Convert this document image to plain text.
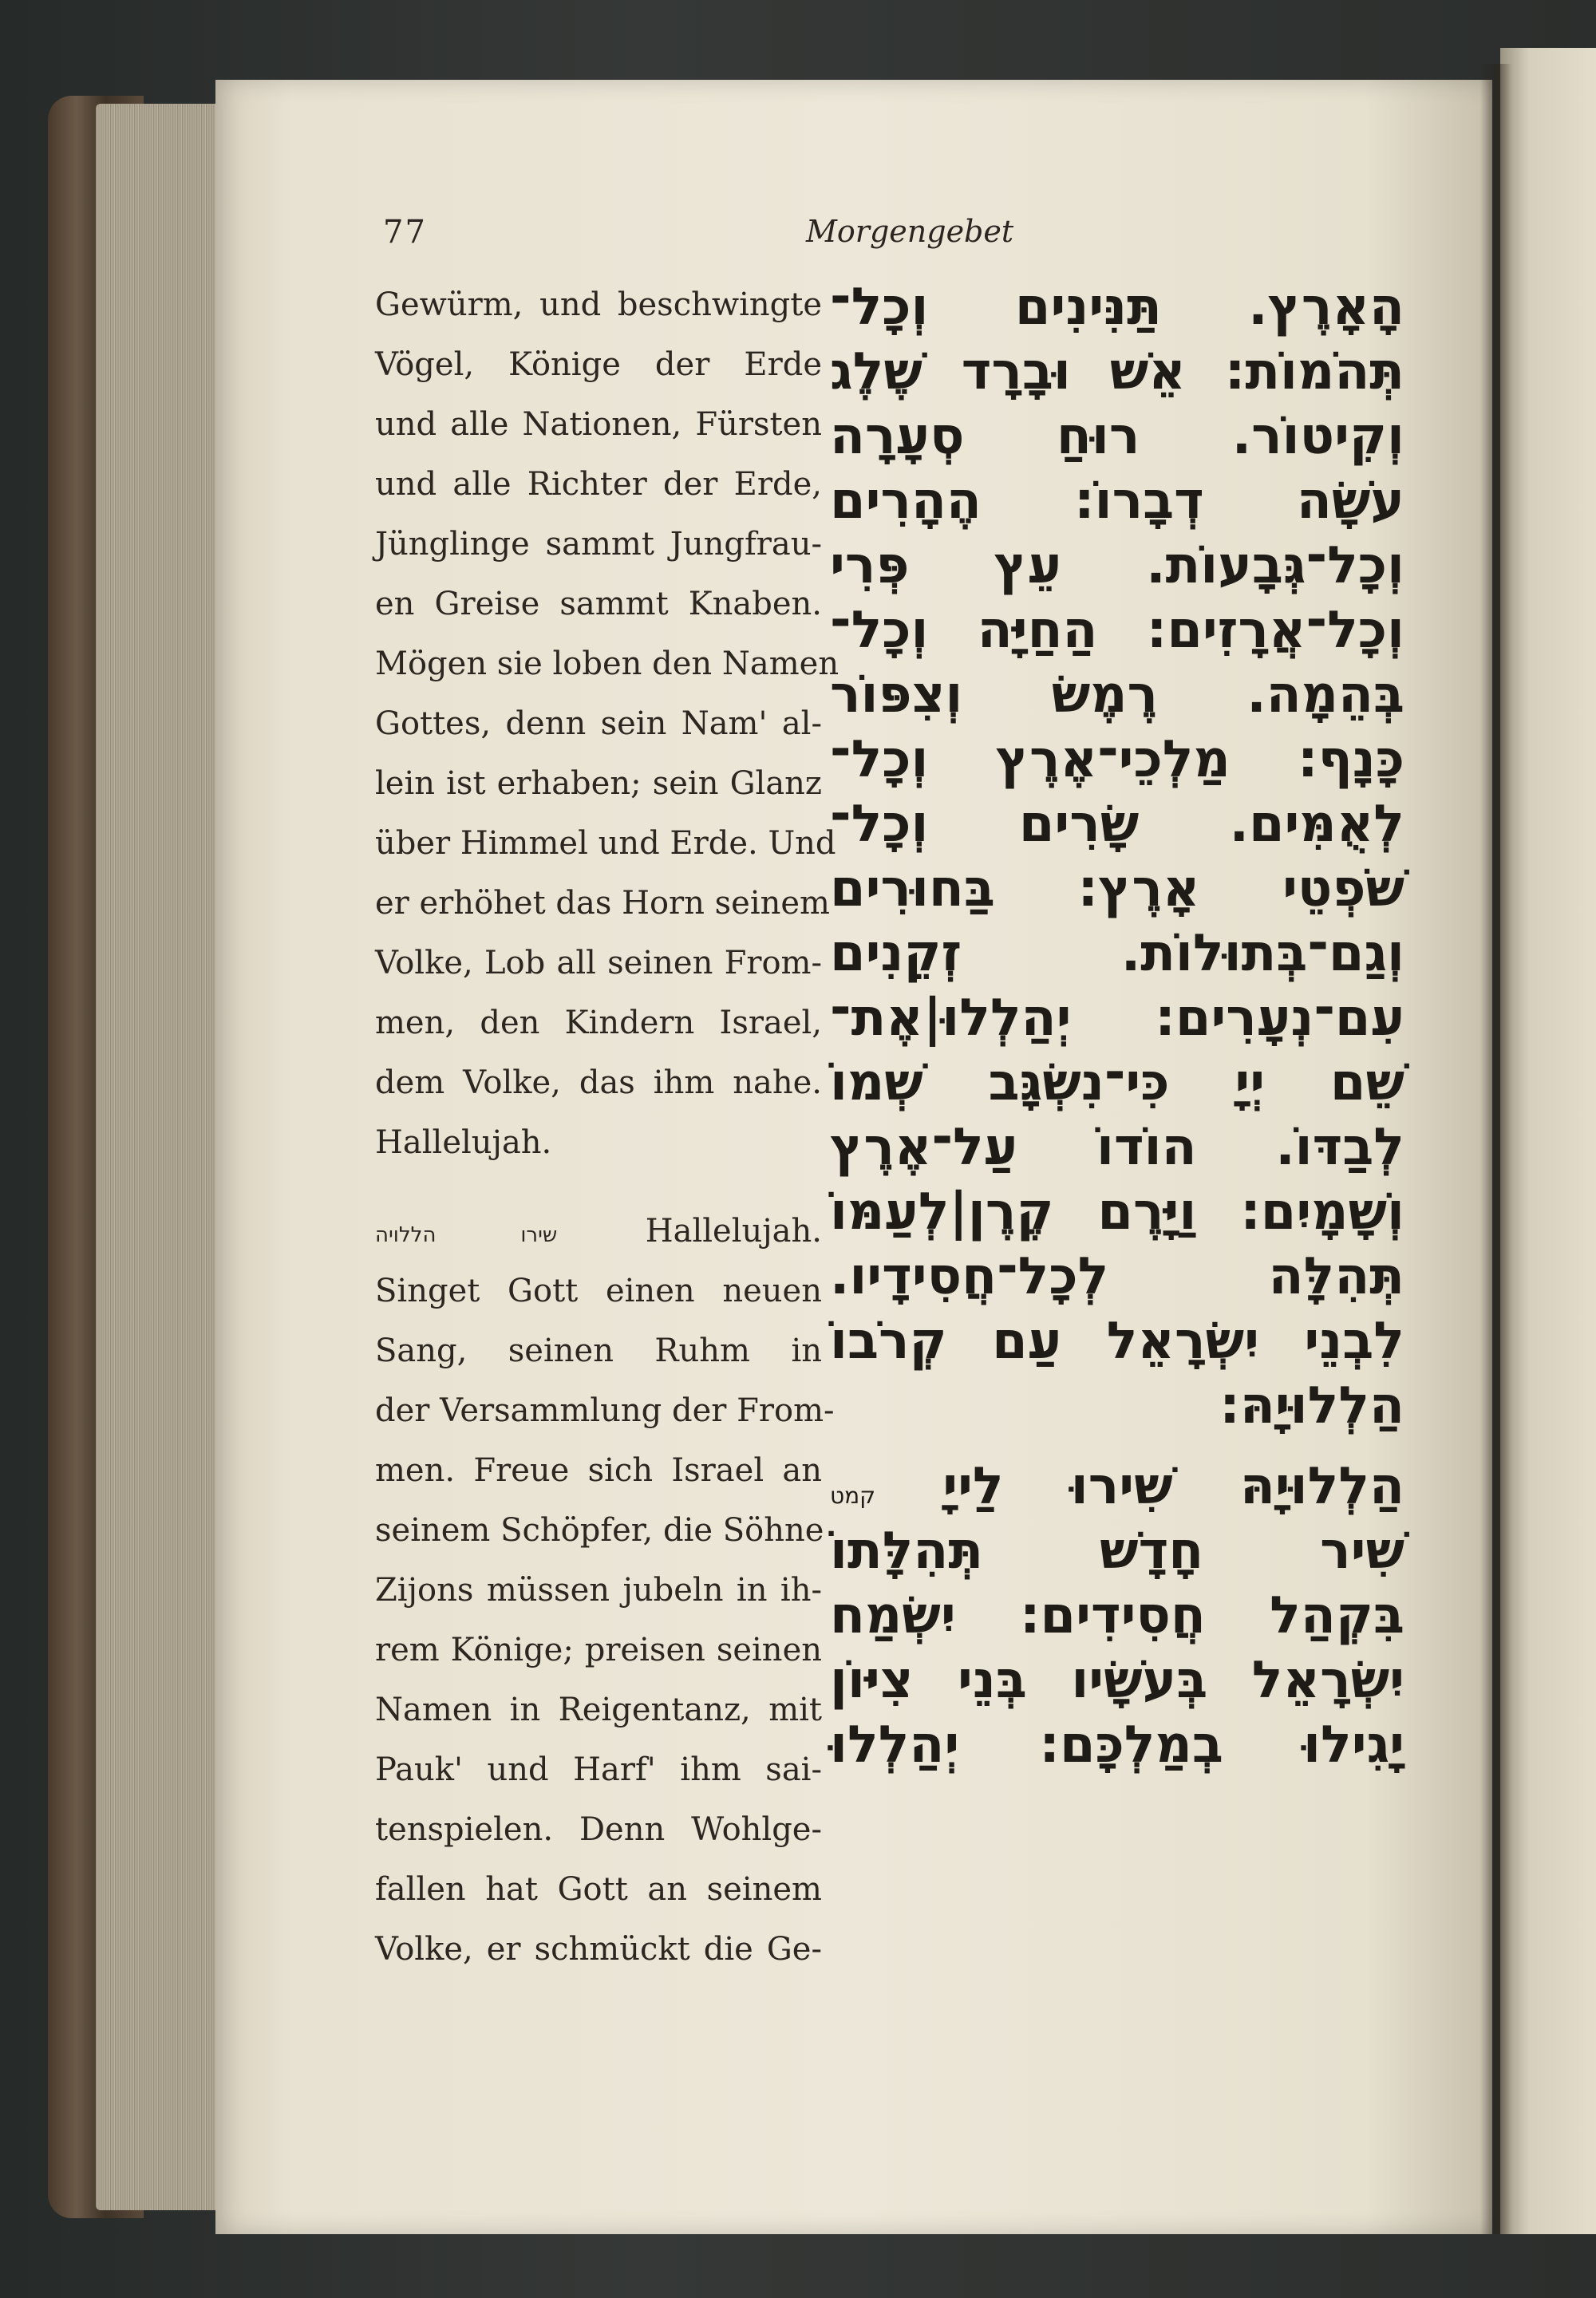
77	Morgengebet
Gewürm, und beschwingte
Vögel, Könige der Erde
und alle Nationen, Fürsten
und alle Richter der Erde,
Jünglinge sammt Jungfrau-
en Greise sammt Knaben.
Mögen sie loben den Namen
Gottes, denn sein Nam' al-
lein ist erhaben; sein Glanz
über Himmel und Erde. Und
er erhöhet das Horn seinem
Volke, Lob all seinen From-
men, den Kindern Israel,
dem Volke, das ihm nahe.
Hallelujah.
שירו הללויה	Hallelujah.
Singet Gott einen neuen
Sang, seinen Ruhm in
der Versammlung der From-
men. Freue sich Israel an
seinem Schöpfer, die Söhne
Zijons müssen jubeln in ih-
rem Könige; preisen seinen
Namen in Reigentanz, mit
Pauk' und Harf' ihm sai-
tenspielen. Denn Wohlge-
fallen hat Gott an seinem
Volke, er schmückt die Ge-
הָאָרֶץ. תַּנִּינִים וְכָל־
תְּהֹמוֹת: אֵשׁ וּבָרָד שֶׁלֶג
וְקִיטוֹר. רוּחַ סְעָרָה
עֹשָׂה דְבָרוֹ: הֶהָרִים
וְכָל־גְּבָעוֹת. עֵץ פְּרִי
וְכָל־אֲרָזִים: הַחַיָּה וְכָל־
בְּהֵמָה. רֶמֶשׂ וְצִפּוֹר
כָּנָף: מַלְכֵי־אֶרֶץ וְכָל־
לְאֻמִּים. שָׂרִים וְכָל־
שֹׁפְטֵי אָרֶץ: בַּחוּרִים
וְגַם־בְּתוּלוֹת. זְקֵנִים
עִם־נְעָרִים: יְהַלְלוּ|אֶת־
שֵׁם יְיָ כִּי־נִשְׂגָּב שְׁמוֹ
לְבַדּוֹ. הוֹדוֹ עַל־אֶרֶץ
וְשָׁמָיִם: וַיָּרֶם קֶרֶן|לְעַמּוֹ
תְּהִלָּה לְכָל־חֲסִידָיו.
לִבְנֵי יִשְׂרָאֵל עַם קְרֹבוֹ
הַלְלוּיָהּ:
הַלְלוּיָהּ שִׁירוּ לַייָ קמט
שִׁיר חָדָשׁ תְּהִלָּתוֹ
בִּקְהַל חֲסִידִים: יִשְׂמַח
יִשְׂרָאֵל בְּעֹשָׂיו בְּנֵי צִיּוֹן
יָגִילוּ בְמַלְכָּם: יְהַלְלוּ
